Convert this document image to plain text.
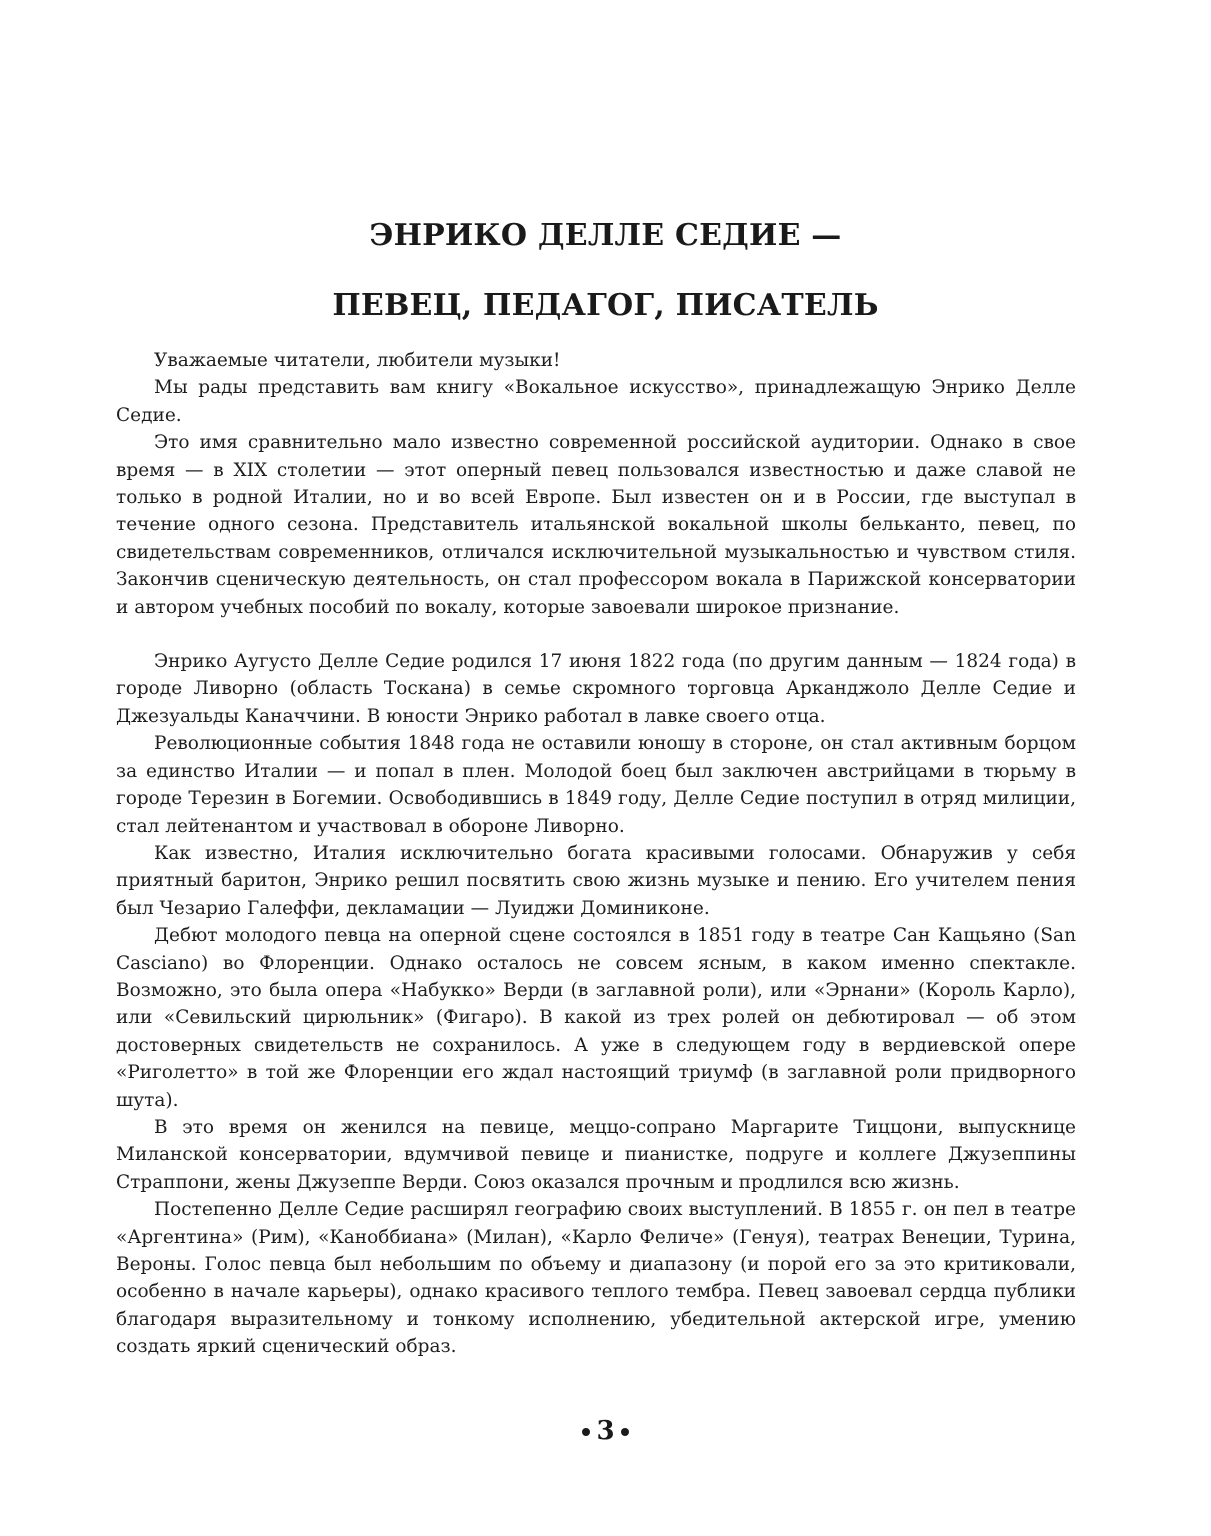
ЭНРИКО ДЕЛЛЕ СЕДИЕ —
ПЕВЕЦ, ПЕДАГОГ, ПИСАТЕЛЬ

Уважаемые читатели, любители музыки!

Мы рады представить вам книгу «Вокальное искусство», принадлежащую Энрико Делле Седие.

Это имя сравнительно мало известно современной российской аудитории. Однако в свое время — в XIX столетии — этот оперный певец пользовался известностью и даже славой не только в родной Италии, но и во всей Европе. Был известен он и в России, где выступал в течение одного сезона. Представитель итальянской вокальной школы бельканто, певец, по свидетельствам современников, отличался исключительной музыкальностью и чувством стиля. Закончив сценическую деятельность, он стал профессором вокала в Парижской консерватории и автором учебных пособий по вокалу, которые завоевали широкое признание.

Энрико Аугусто Делле Седие родился 17 июня 1822 года (по другим данным — 1824 года) в городе Ливорно (область Тоскана) в семье скромного торговца Арканджоло Делле Седие и Джезуальды Каначчини. В юности Энрико работал в лавке своего отца.

Революционные события 1848 года не оставили юношу в стороне, он стал активным борцом за единство Италии — и попал в плен. Молодой боец был заключен австрийцами в тюрьму в городе Терезин в Богемии. Освободившись в 1849 году, Делле Седие поступил в отряд милиции, стал лейтенантом и участвовал в обороне Ливорно.

Как известно, Италия исключительно богата красивыми голосами. Обнаружив у себя приятный баритон, Энрико решил посвятить свою жизнь музыке и пению. Его учителем пения был Чезарио Галеффи, декламации — Луиджи Доминиконе.

Дебют молодого певца на оперной сцене состоялся в 1851 году в театре Сан Кащьяно (San Casciano) во Флоренции. Однако осталось не совсем ясным, в каком именно спектакле. Возможно, это была опера «Набукко» Верди (в заглавной роли), или «Эрнани» (Король Карло), или «Севильский цирюльник» (Фигаро). В какой из трех ролей он дебютировал — об этом достоверных свидетельств не сохранилось. А уже в следующем году в вердиевской опере «Риголетто» в той же Флоренции его ждал настоящий триумф (в заглавной роли придворного шута).

В это время он женился на певице, меццо-сопрано Маргарите Тиццони, выпускнице Миланской консерватории, вдумчивой певице и пианистке, подруге и коллеге Джузеппины Страппони, жены Джузеппе Верди. Союз оказался прочным и продлился всю жизнь.

Постепенно Делле Седие расширял географию своих выступлений. В 1855 г. он пел в театре «Аргентина» (Рим), «Каноббиана» (Милан), «Карло Феличе» (Генуя), театрах Венеции, Турина, Вероны. Голос певца был небольшим по объему и диапазону (и порой его за это критиковали, особенно в начале карьеры), однако красивого теплого тембра. Певец завоевал сердца публики благодаря выразительному и тонкому исполнению, убедительной актерской игре, умению создать яркий сценический образ.

3
